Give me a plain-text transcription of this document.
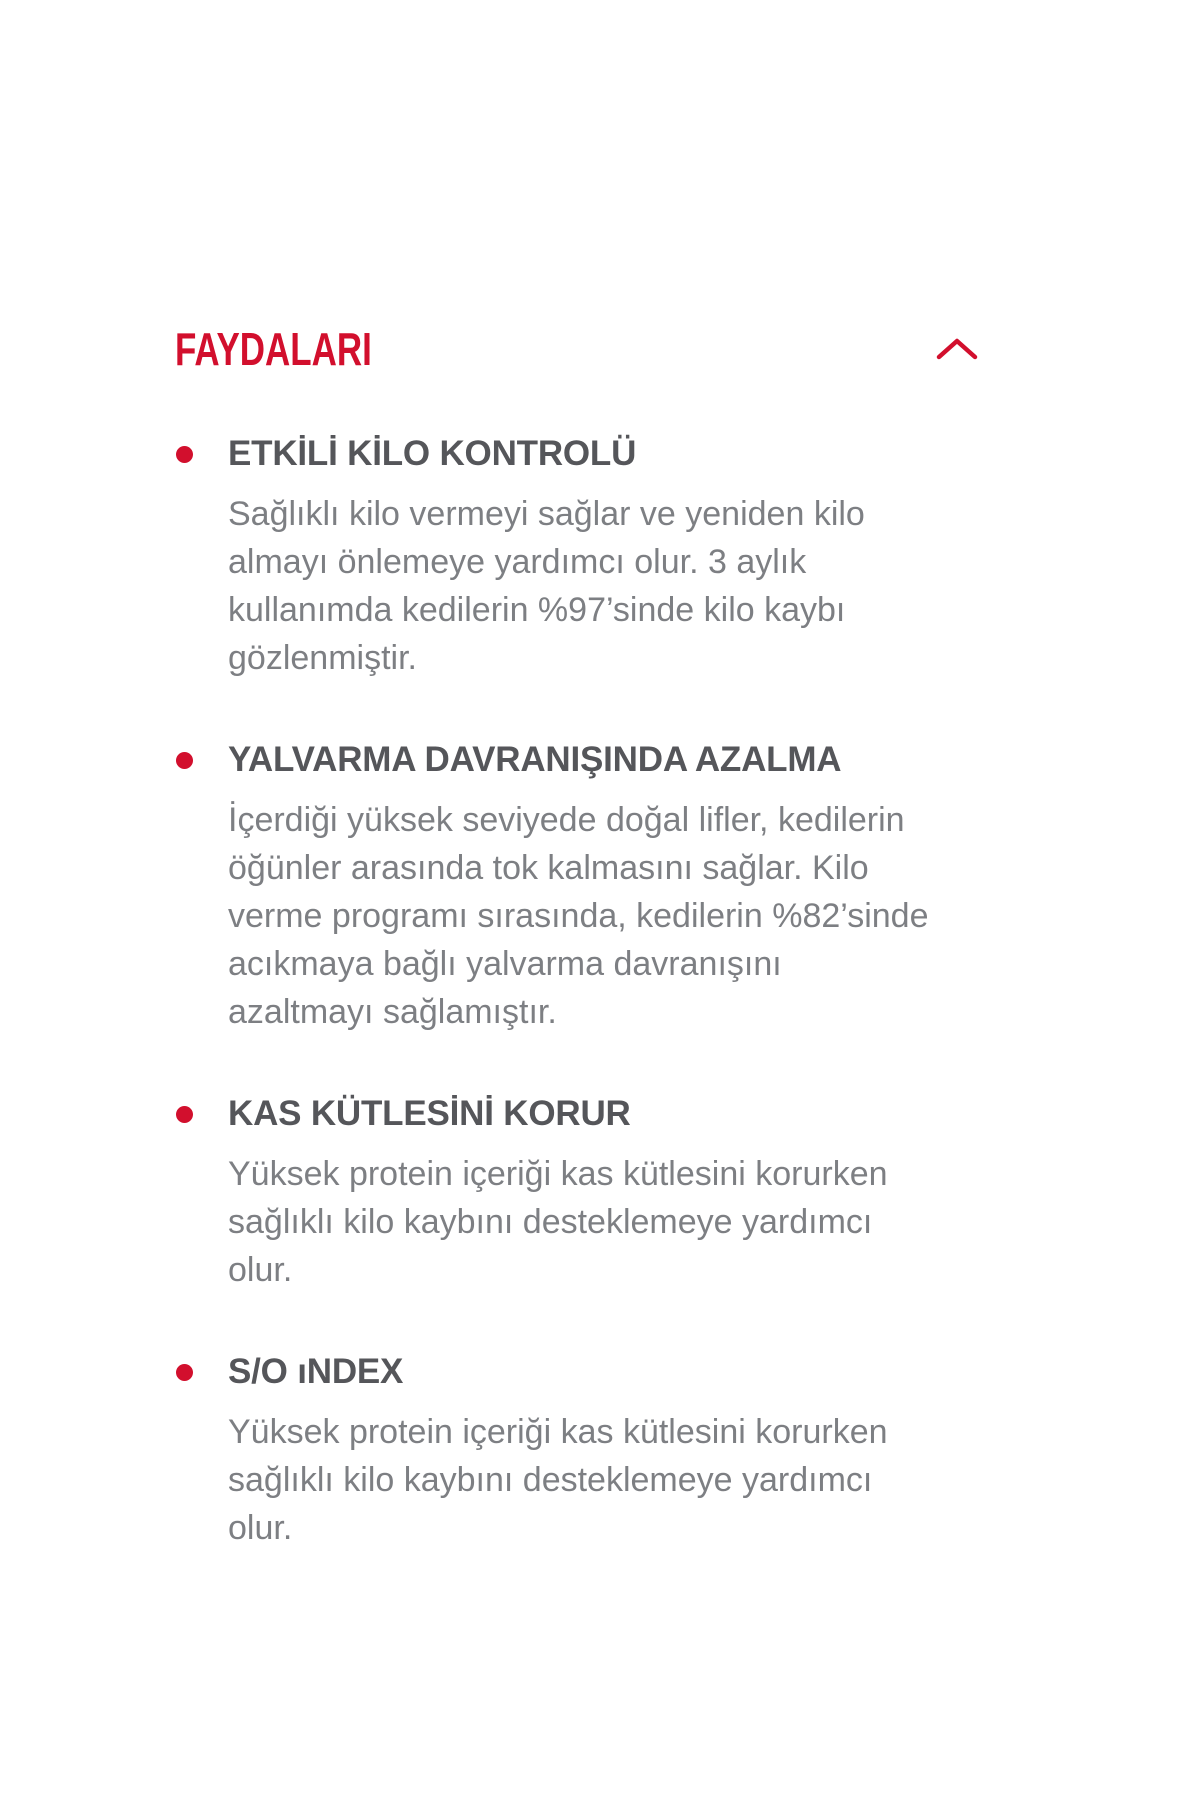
FAYDALARI
ETKİLİ KİLO KONTROLÜ

Sağlıklı kilo vermeyi sağlar ve yeniden kilo almayı önlemeye yardımcı olur. 3 aylık kullanımda kedilerin %97’sinde kilo kaybı gözlenmiştir.

YALVARMA DAVRANIŞINDA AZALMA

İçerdiği yüksek seviyede doğal lifler, kedilerin öğünler arasında tok kalmasını sağlar. Kilo verme programı sırasında, kedilerin %82’sinde acıkmaya bağlı yalvarma davranışını azaltmayı sağlamıştır.

KAS KÜTLESİNİ KORUR

Yüksek protein içeriği kas kütlesini korurken sağlıklı kilo kaybını desteklemeye yardımcı olur.

S/O ıNDEX

Yüksek protein içeriği kas kütlesini korurken sağlıklı kilo kaybını desteklemeye yardımcı olur.
